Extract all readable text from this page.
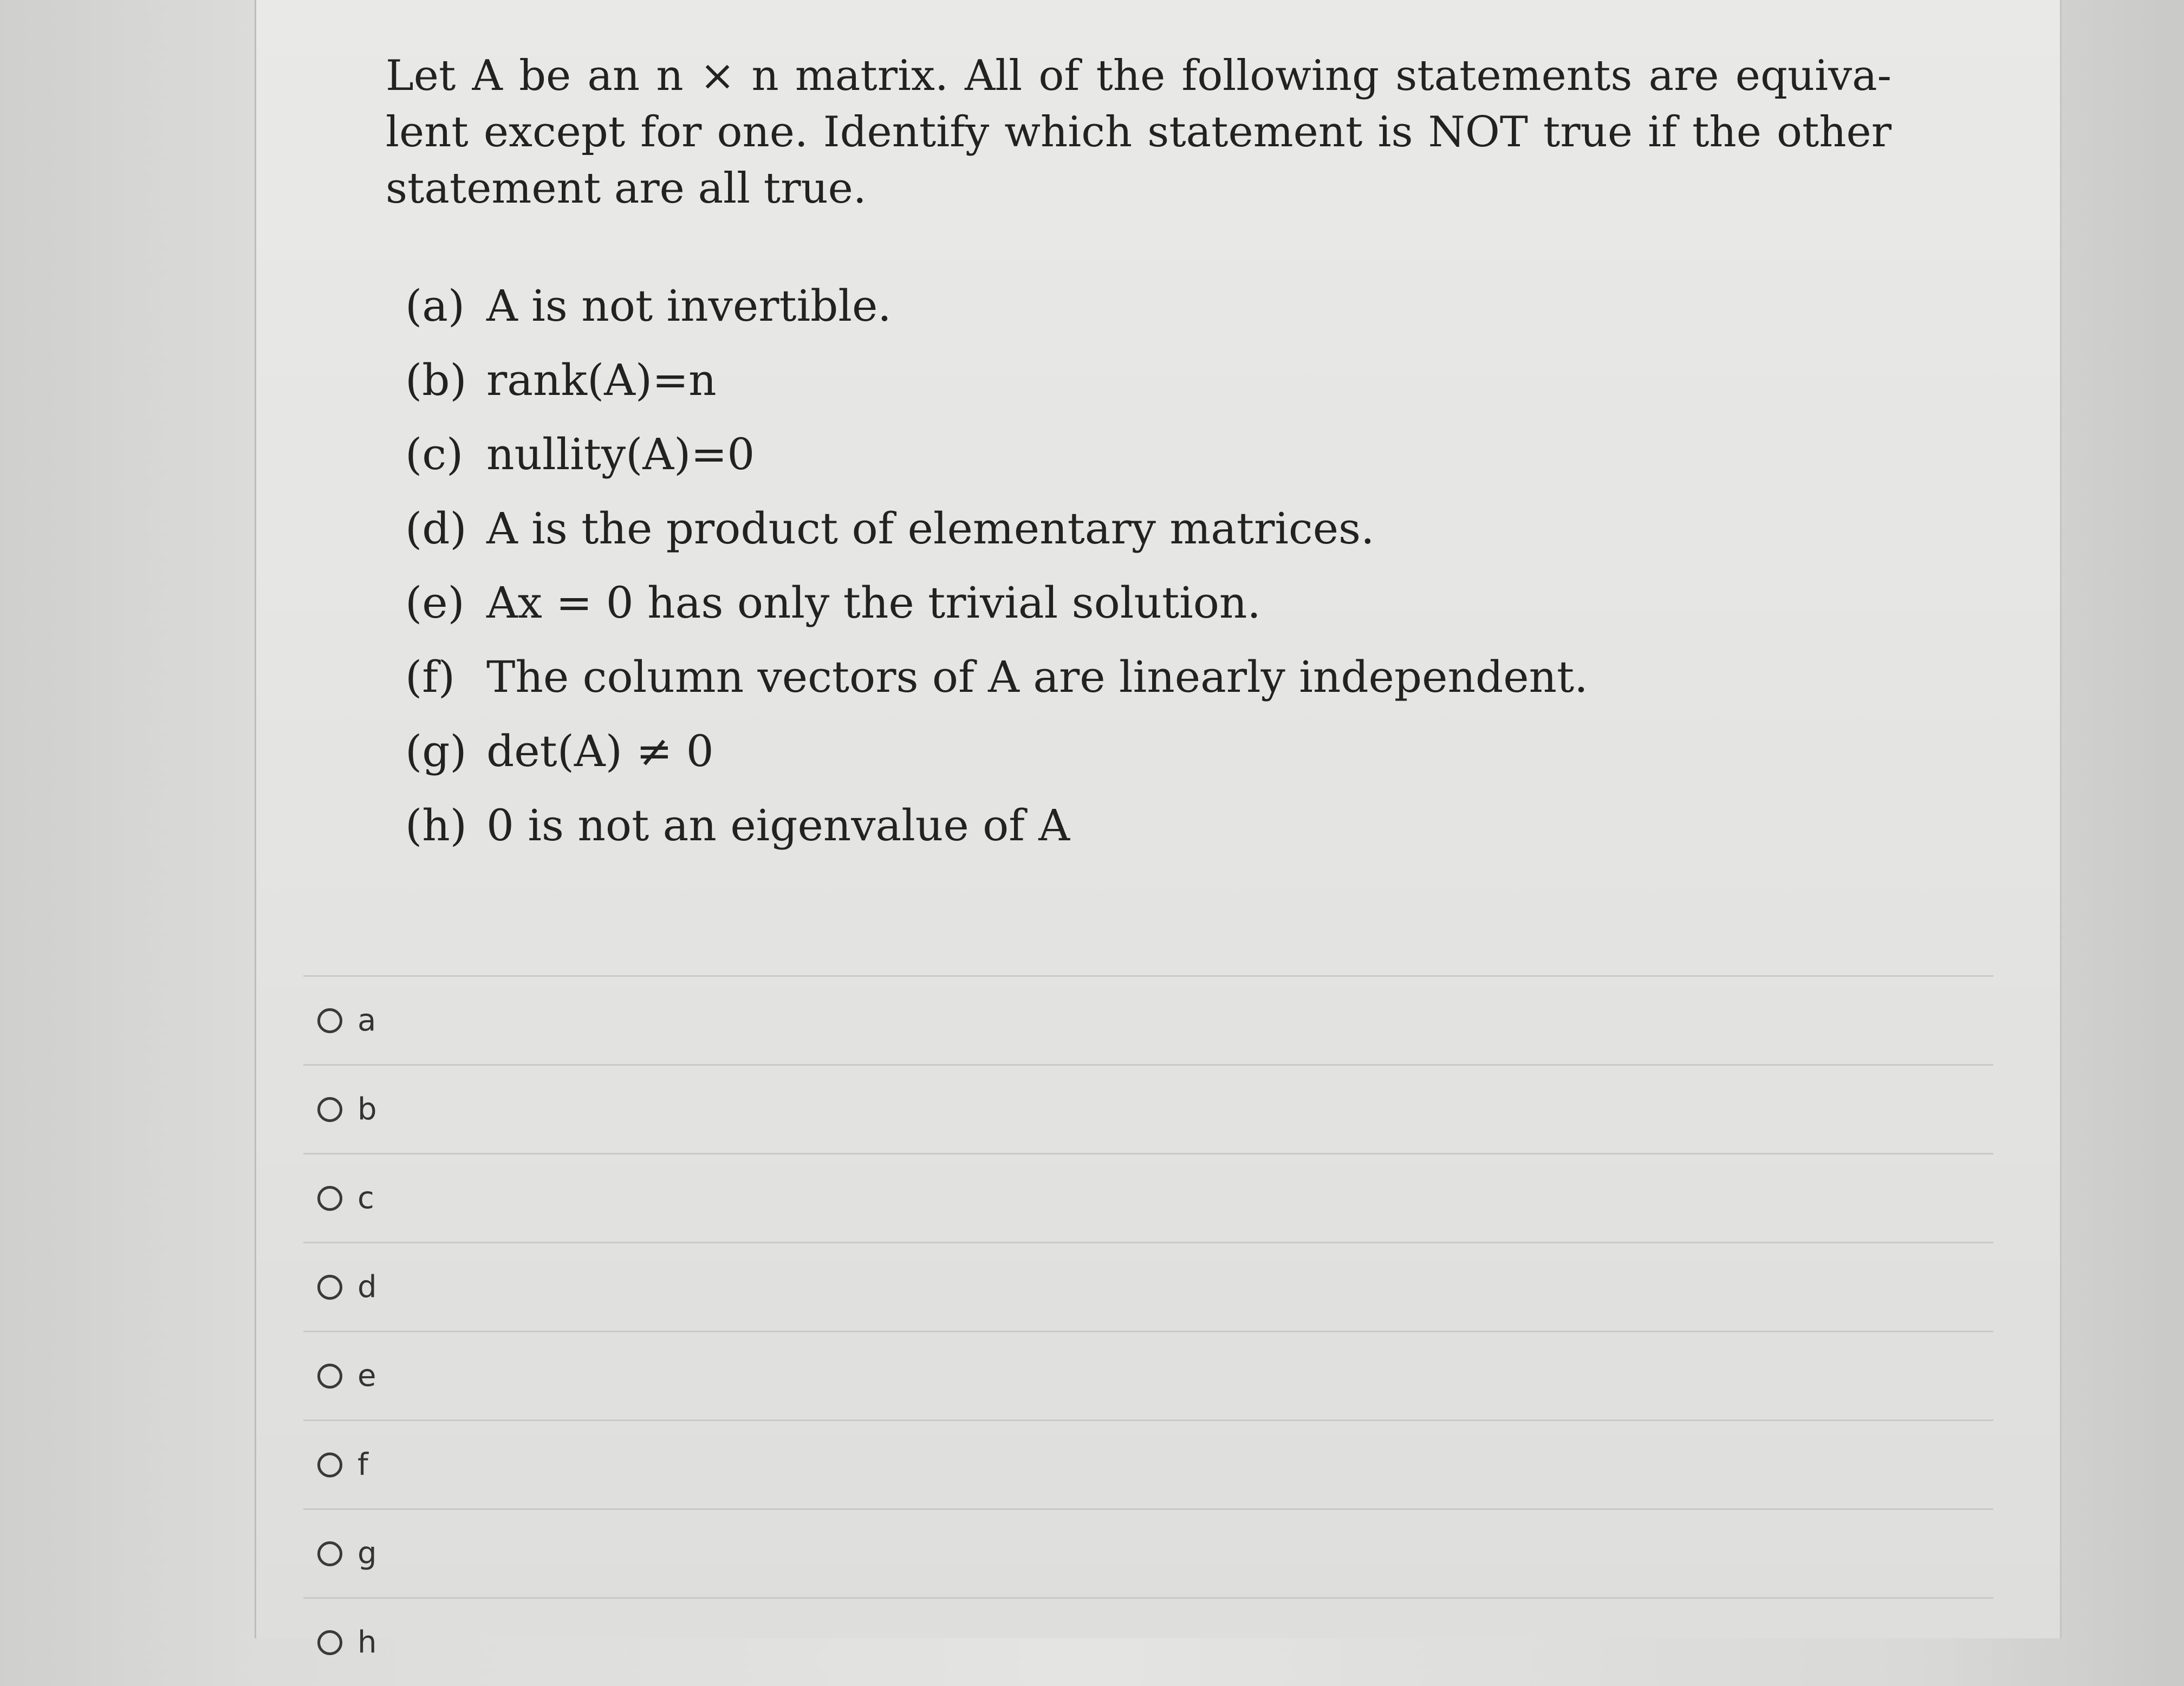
Let A be an n × n matrix. All of the following statements are equiva-lent except for one. Identify which statement is NOT true if the other statement are all true.

(a) A is not invertible.
(b) rank(A)=n
(c) nullity(A)=0
(d) A is the product of elementary matrices.
(e) Ax = 0 has only the trivial solution.
(f) The column vectors of A are linearly independent.
(g) det(A) ≠ 0
(h) 0 is not an eigenvalue of A
a
b
c
d
e
f
g
h
